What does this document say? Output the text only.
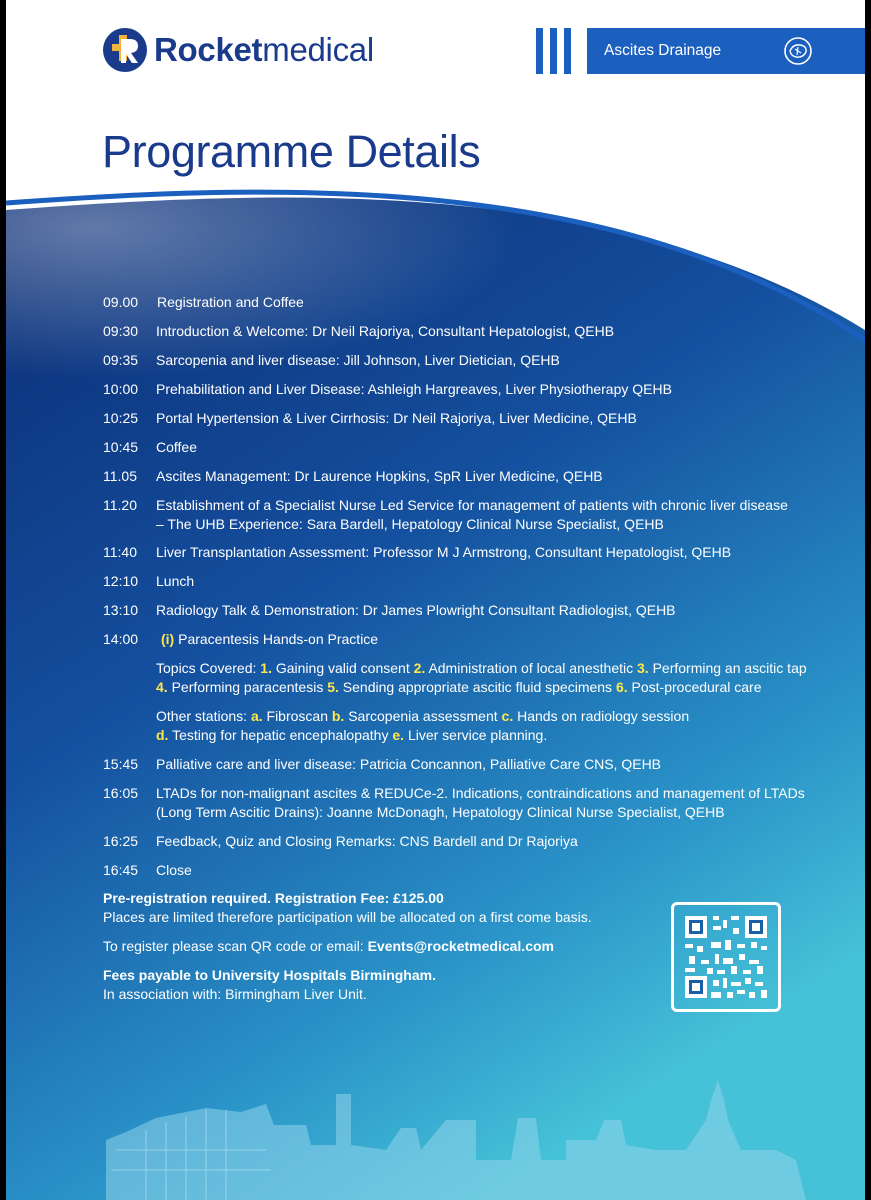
Rocketmedical	Ascites Drainage
Programme Details
09.00 Registration and Coffee
09:30 Introduction & Welcome: Dr Neil Rajoriya, Consultant Hepatologist, QEHB
09:35 Sarcopenia and liver disease: Jill Johnson, Liver Dietician, QEHB
10:00 Prehabilitation and Liver Disease: Ashleigh Hargreaves, Liver Physiotherapy QEHB
10:25 Portal Hypertension & Liver Cirrhosis: Dr Neil Rajoriya, Liver Medicine, QEHB
10:45 Coffee
11.05 Ascites Management: Dr Laurence Hopkins, SpR Liver Medicine, QEHB
11.20 Establishment of a Specialist Nurse Led Service for management of patients with chronic liver disease
– The UHB Experience: Sara Bardell, Hepatology Clinical Nurse Specialist, QEHB
11:40 Liver Transplantation Assessment: Professor M J Armstrong, Consultant Hepatologist, QEHB
12:10 Lunch
13:10 Radiology Talk & Demonstration: Dr James Plowright Consultant Radiologist, QEHB
14:00 (i) Paracentesis Hands-on Practice
Topics Covered: 1. Gaining valid consent 2. Administration of local anesthetic 3. Performing an ascitic tap
4. Performing paracentesis 5. Sending appropriate ascitic fluid specimens 6. Post-procedural care
Other stations: a. Fibroscan b. Sarcopenia assessment c. Hands on radiology session
d. Testing for hepatic encephalopathy e. Liver service planning.
15:45 Palliative care and liver disease: Patricia Concannon, Palliative Care CNS, QEHB
16:05 LTADs for non-malignant ascites & REDUCe-2. Indications, contraindications and management of LTADs
(Long Term Ascitic Drains): Joanne McDonagh, Hepatology Clinical Nurse Specialist, QEHB
16:25 Feedback, Quiz and Closing Remarks: CNS Bardell and Dr Rajoriya
16:45 Close

Pre-registration required. Registration Fee: £125.00

Places are limited therefore participation will be allocated on a first come basis.

To register please scan QR code or email: Events@rocketmedical.com

Fees payable to University Hospitals Birmingham.

In association with: Birmingham Liver Unit.
